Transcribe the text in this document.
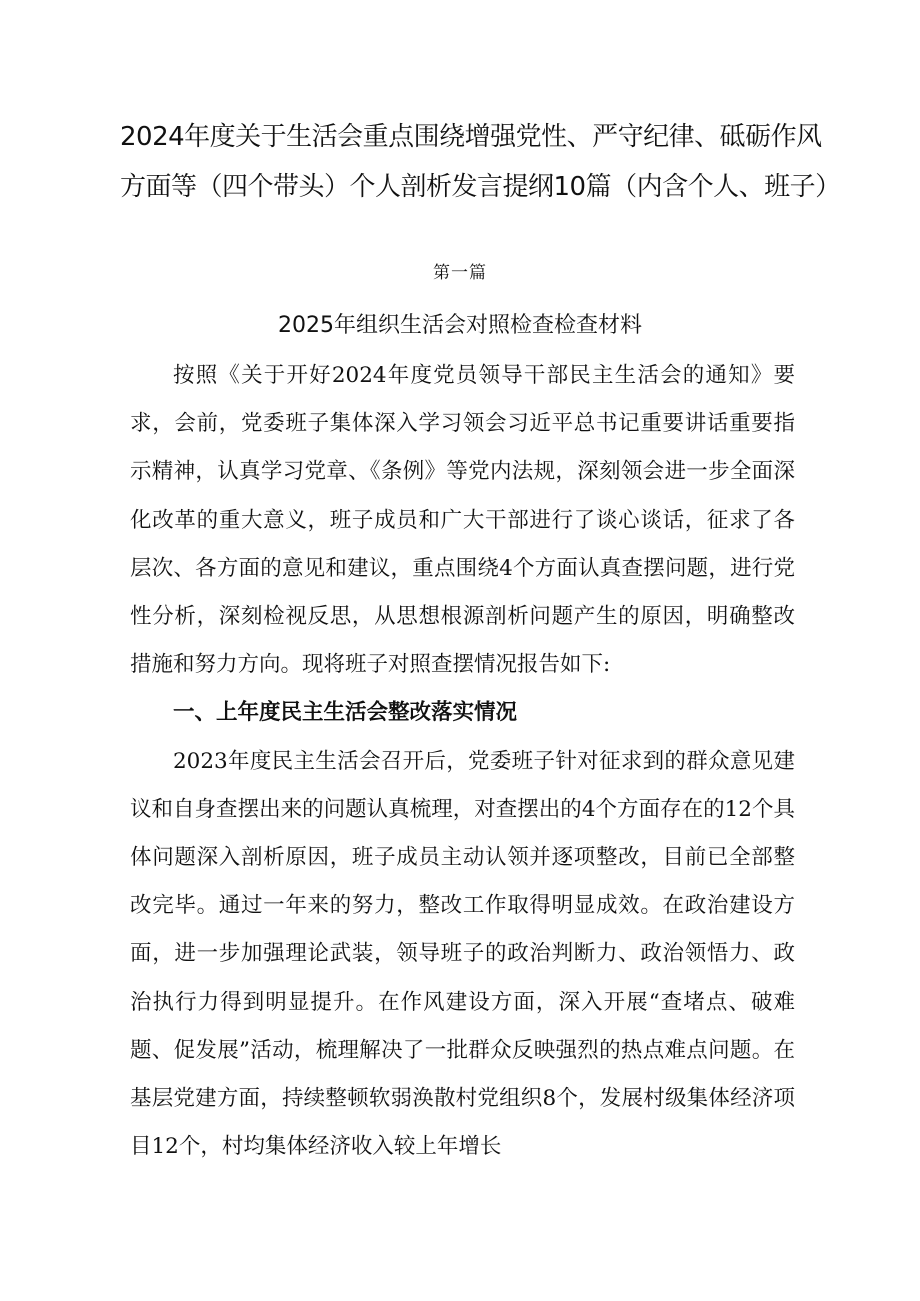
2024年度关于生活会重点围绕增强党性、严守纪律、砥砺作风
方面等（四个带头）个人剖析发言提纲10篇（内含个人、班子）
第一篇
2025年组织生活会对照检查检查材料

按照《关于开好2024年度党员领导干部民主生活会的通知》要求，会前，党委班子集体深入学习领会习近平总书记重要讲话重要指示精神，认真学习党章、《条例》等党内法规，深刻领会进一步全面深化改革的重大意义，班子成员和广大干部进行了谈心谈话，征求了各层次、各方面的意见和建议，重点围绕4个方面认真查摆问题，进行党性分析，深刻检视反思，从思想根源剖析问题产生的原因，明确整改措施和努力方向。现将班子对照查摆情况报告如下:

一、上年度民主生活会整改落实情况

2023年度民主生活会召开后，党委班子针对征求到的群众意见建议和自身查摆出来的问题认真梳理，对查摆出的4个方面存在的12个具体问题深入剖析原因，班子成员主动认领并逐项整改，目前已全部整改完毕。通过一年来的努力，整改工作取得明显成效。在政治建设方面，进一步加强理论武装，领导班子的政治判断力、政治领悟力、政治执行力得到明显提升。在作风建设方面，深入开展“查堵点、破难题、促发展”活动，梳理解决了一批群众反映强烈的热点难点问题。在基层党建方面，持续整顿软弱涣散村党组织8个，发展村级集体经济项目12个，村均集体经济收入较上年增长
